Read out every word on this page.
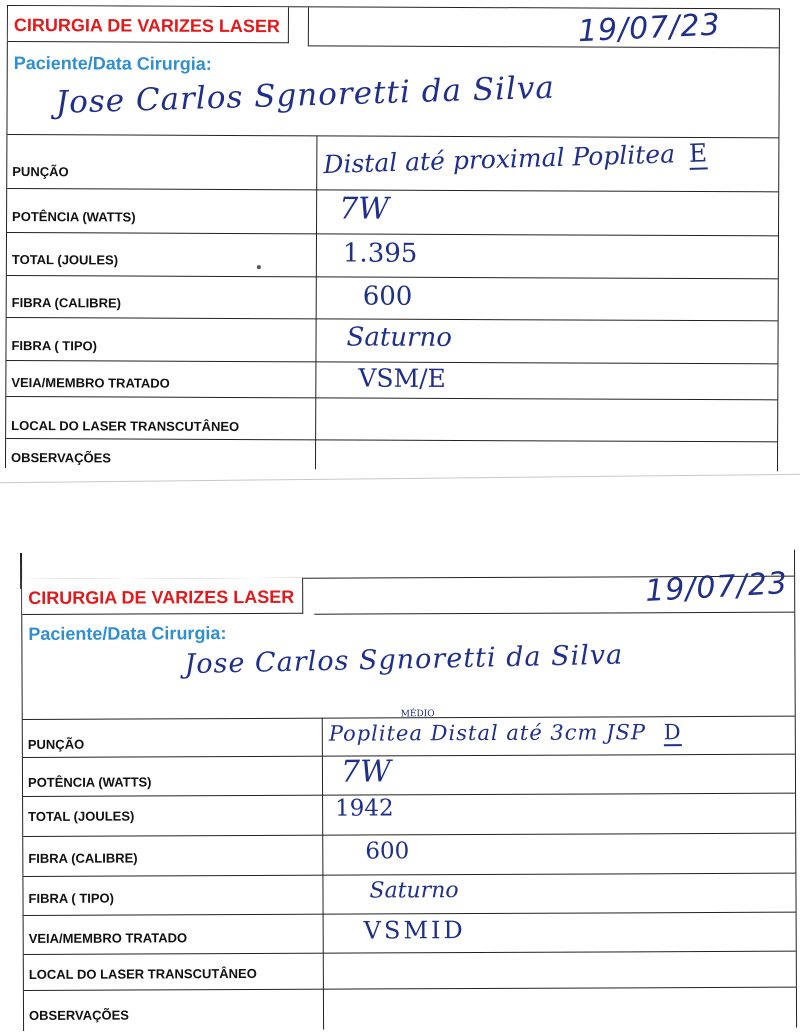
CIRURGIA DE VARIZES LASER	19/07/23
Paciente/Data Cirurgia:
Jose Carlos Sgnoretti da Silva
PUNÇÃO	Distal até proximal Poplitea E
POTÊNCIA (WATTS)	7W
TOTAL (JOULES)	1.395
FIBRA (CALIBRE)	600
FIBRA ( TIPO)	Saturno
VEIA/MEMBRO TRATADO	VSM/E
LOCAL DO LASER TRANSCUTÂNEO
OBSERVAÇÕES
CIRURGIA DE VARIZES LASER	19/07/23
Paciente/Data Cirurgia:
Jose Carlos Sgnoretti da Silva
PUNÇÃO	Poplitea Distal até 3cm JSP D
MÉDIO
POTÊNCIA (WATTS)	7W
TOTAL (JOULES)	1942
FIBRA (CALIBRE)	600
FIBRA ( TIPO)	Saturno
VEIA/MEMBRO TRATADO	VSMID
LOCAL DO LASER TRANSCUTÂNEO
OBSERVAÇÕES
